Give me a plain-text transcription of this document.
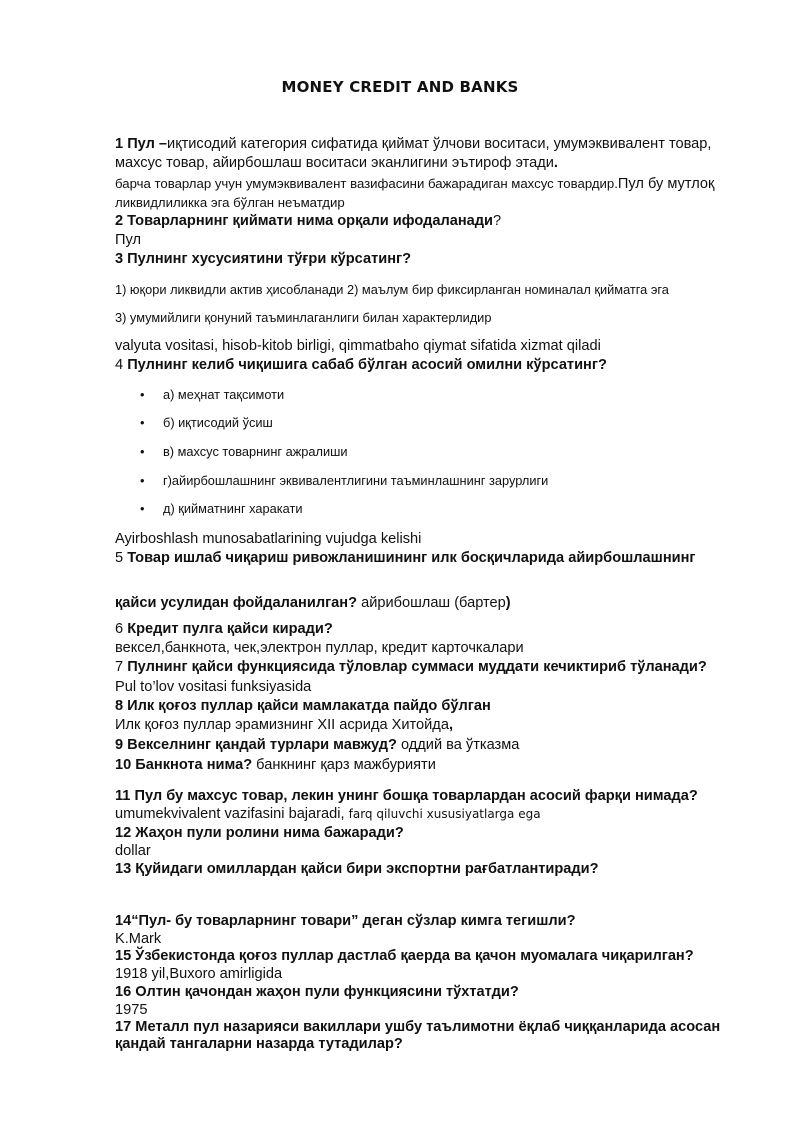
MONEY CREDIT AND BANKS
1 Пул –иқтисодий категория сифатида қиймат ўлчови воситаси, умумэквивалент товар,
махсус товар, айирбошлаш воситаси эканлигини эътироф этади.
барча товарлар учун умумэквивалент вазифасини бажарадиган махсус товардир.Пул бу мутлоқ
ликвидлиликка эга бўлган неъматдир
2 Товарларнинг қиймати нима орқали ифодаланади?
Пул
3 Пулнинг хусусиятини тўғри кўрсатинг?
1) юқори ликвидли актив ҳисобланади 2) маълум бир фиксирланган номиналал қийматга эга
3) умумийлиги қонуний таъминлаганлиги билан характерлидир
valyuta vositasi, hisob-kitob birligi, qimmatbaho qiymat sifatida xizmat qiladi
4 Пулнинг келиб чиқишига сабаб бўлган асосий омилни кўрсатинг?
• а) меҳнат тақсимоти
• б) иқтисодий ўсиш
• в) махсус товарнинг ажралиши
• г)айирбошлашнинг эквивалентлигини таъминлашнинг зарурлиги
• д) қийматнинг харакати
Ayirboshlash munosabatlarining vujudga kelishi
5 Товар ишлаб чиқариш ривожланишининг илк босқичларида айирбошлашнинг
қайси усулидан фойдаланилган? айрибошлаш (бартер)
6 Кредит пулга қайси киради?
вексел,банкнота, чек,электрон пуллар, кредит карточкалари
7 Пулнинг қайси функциясида тўловлар суммаси муддати кечиктириб тўланади?
Pul to’lov vositasi funksiyasida
8 Илк қоғоз пуллар қайси мамлакатда пайдо бўлган
Илк қоғоз пуллар эрамизнинг XII асрида Хитойда,
9 Векселнинг қандай турлари мавжуд? оддий ва ўтказма
10 Банкнота нима? банкнинг қарз мажбурияти
11 Пул бу махсус товар, лекин унинг бошқа товарлардан асосий фарқи нимада?
umumekvivalent vazifasini bajaradi, farq qiluvchi xususiyatlarga ega
12 Жаҳон пули ролини нима бажаради?
dollar
13 Қуйидаги омиллардан қайси бири экспортни рағбатлантиради?
14“Пул- бу товарларнинг товари” деган сўзлар кимга тегишли?
K.Mark
15 Ўзбекистонда қоғоз пуллар дастлаб қаерда ва қачон муомалага чиқарилган?
1918 yil,Buxoro amirligida
16 Олтин қачондан жаҳон пули функциясини тўхтатди?
1975
17 Металл пул назарияси вакиллари ушбу таълимотни ёқлаб чиққанларида асосан
қандай тангаларни назарда тутадилар?
